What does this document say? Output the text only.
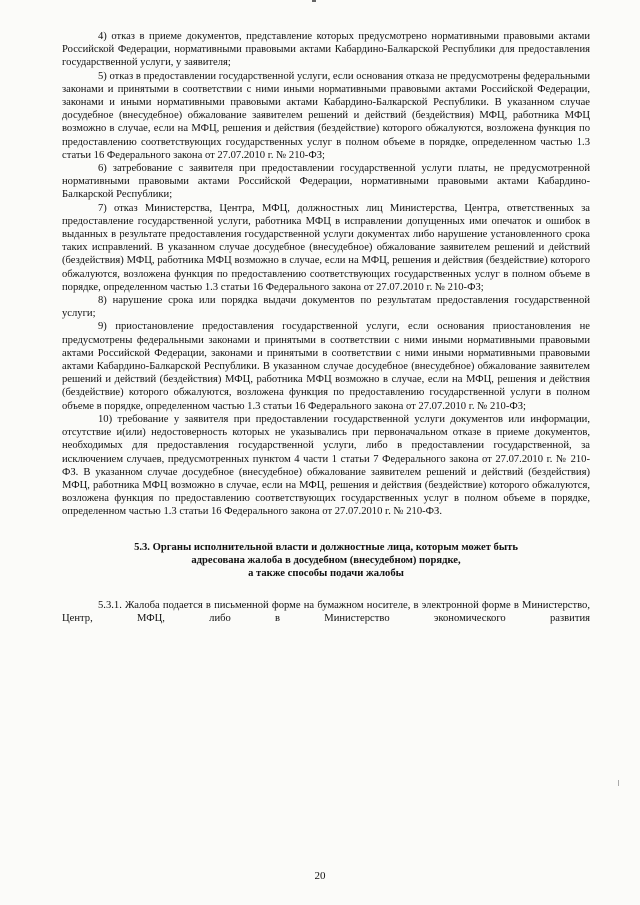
4) отказ в приеме документов, представление которых предусмотрено нормативными правовыми актами Российской Федерации, нормативными правовыми актами Кабардино-Балкарской Республики для предоставления государственной услуги, у заявителя;

5) отказ в предоставлении государственной услуги, если основания отказа не предусмотрены федеральными законами и принятыми в соответствии с ними иными нормативными правовыми актами Российской Федерации, законами и иными нормативными правовыми актами Кабардино-Балкарской Республики. В указанном случае досудебное (внесудебное) обжалование заявителем решений и действий (бездействия) МФЦ, работника МФЦ возможно в случае, если на МФЦ, решения и действия (бездействие) которого обжалуются, возложена функция по предоставлению соответствующих государственных услуг в полном объеме в порядке, определенном частью 1.3 статьи 16 Федерального закона от 27.07.2010 г. № 210-ФЗ;

6) затребование с заявителя при предоставлении государственной услуги платы, не предусмотренной нормативными правовыми актами Российской Федерации, нормативными правовыми актами Кабардино-Балкарской Республики;

7) отказ Министерства, Центра, МФЦ, должностных лиц Министерства, Центра, ответственных за предоставление государственной услуги, работника МФЦ в исправлении допущенных ими опечаток и ошибок в выданных в результате предоставления государственной услуги документах либо нарушение установленного срока таких исправлений. В указанном случае досудебное (внесудебное) обжалование заявителем решений и действий (бездействия) МФЦ, работника МФЦ возможно в случае, если на МФЦ, решения и действия (бездействие) которого обжалуются, возложена функция по предоставлению соответствующих государственных услуг в полном объеме в порядке, определенном частью 1.3 статьи 16 Федерального закона от 27.07.2010 г. № 210-ФЗ;

8) нарушение срока или порядка выдачи документов по результатам предоставления государственной услуги;

9) приостановление предоставления государственной услуги, если основания приостановления не предусмотрены федеральными законами и принятыми в соответствии с ними иными нормативными правовыми актами Российской Федерации, законами и принятыми в соответствии с ними иными нормативными правовыми актами Кабардино-Балкарской Республики. В указанном случае досудебное (внесудебное) обжалование заявителем решений и действий (бездействия) МФЦ, работника МФЦ возможно в случае, если на МФЦ, решения и действия (бездействие) которого обжалуются, возложена функция по предоставлению государственной услуги в полном объеме в порядке, определенном частью 1.3 статьи 16 Федерального закона от 27.07.2010 г. № 210-ФЗ;

10) требование у заявителя при предоставлении государственной услуги документов или информации, отсутствие и(или) недостоверность которых не указывались при первоначальном отказе в приеме документов, необходимых для предоставления государственной услуги, либо в предоставлении государственной, за исключением случаев, предусмотренных пунктом 4 части 1 статьи 7 Федерального закона от 27.07.2010 г. № 210-ФЗ. В указанном случае досудебное (внесудебное) обжалование заявителем решений и действий (бездействия) МФЦ, работника МФЦ возможно в случае, если на МФЦ, решения и действия (бездействие) которого обжалуются, возложена функция по предоставлению соответствующих государственных услуг в полном объеме в порядке, определенном частью 1.3 статьи 16 Федерального закона от 27.07.2010 г. № 210-ФЗ.

5.3. Органы исполнительной власти и должностные лица, которым может быть
адресована жалоба в досудебном (внесудебном) порядке,
а также способы подачи жалобы

5.3.1. Жалоба подается в письменной форме на бумажном носителе, в электронной форме в Министерство, Центр, МФЦ, либо в Министерство экономического развития

20
